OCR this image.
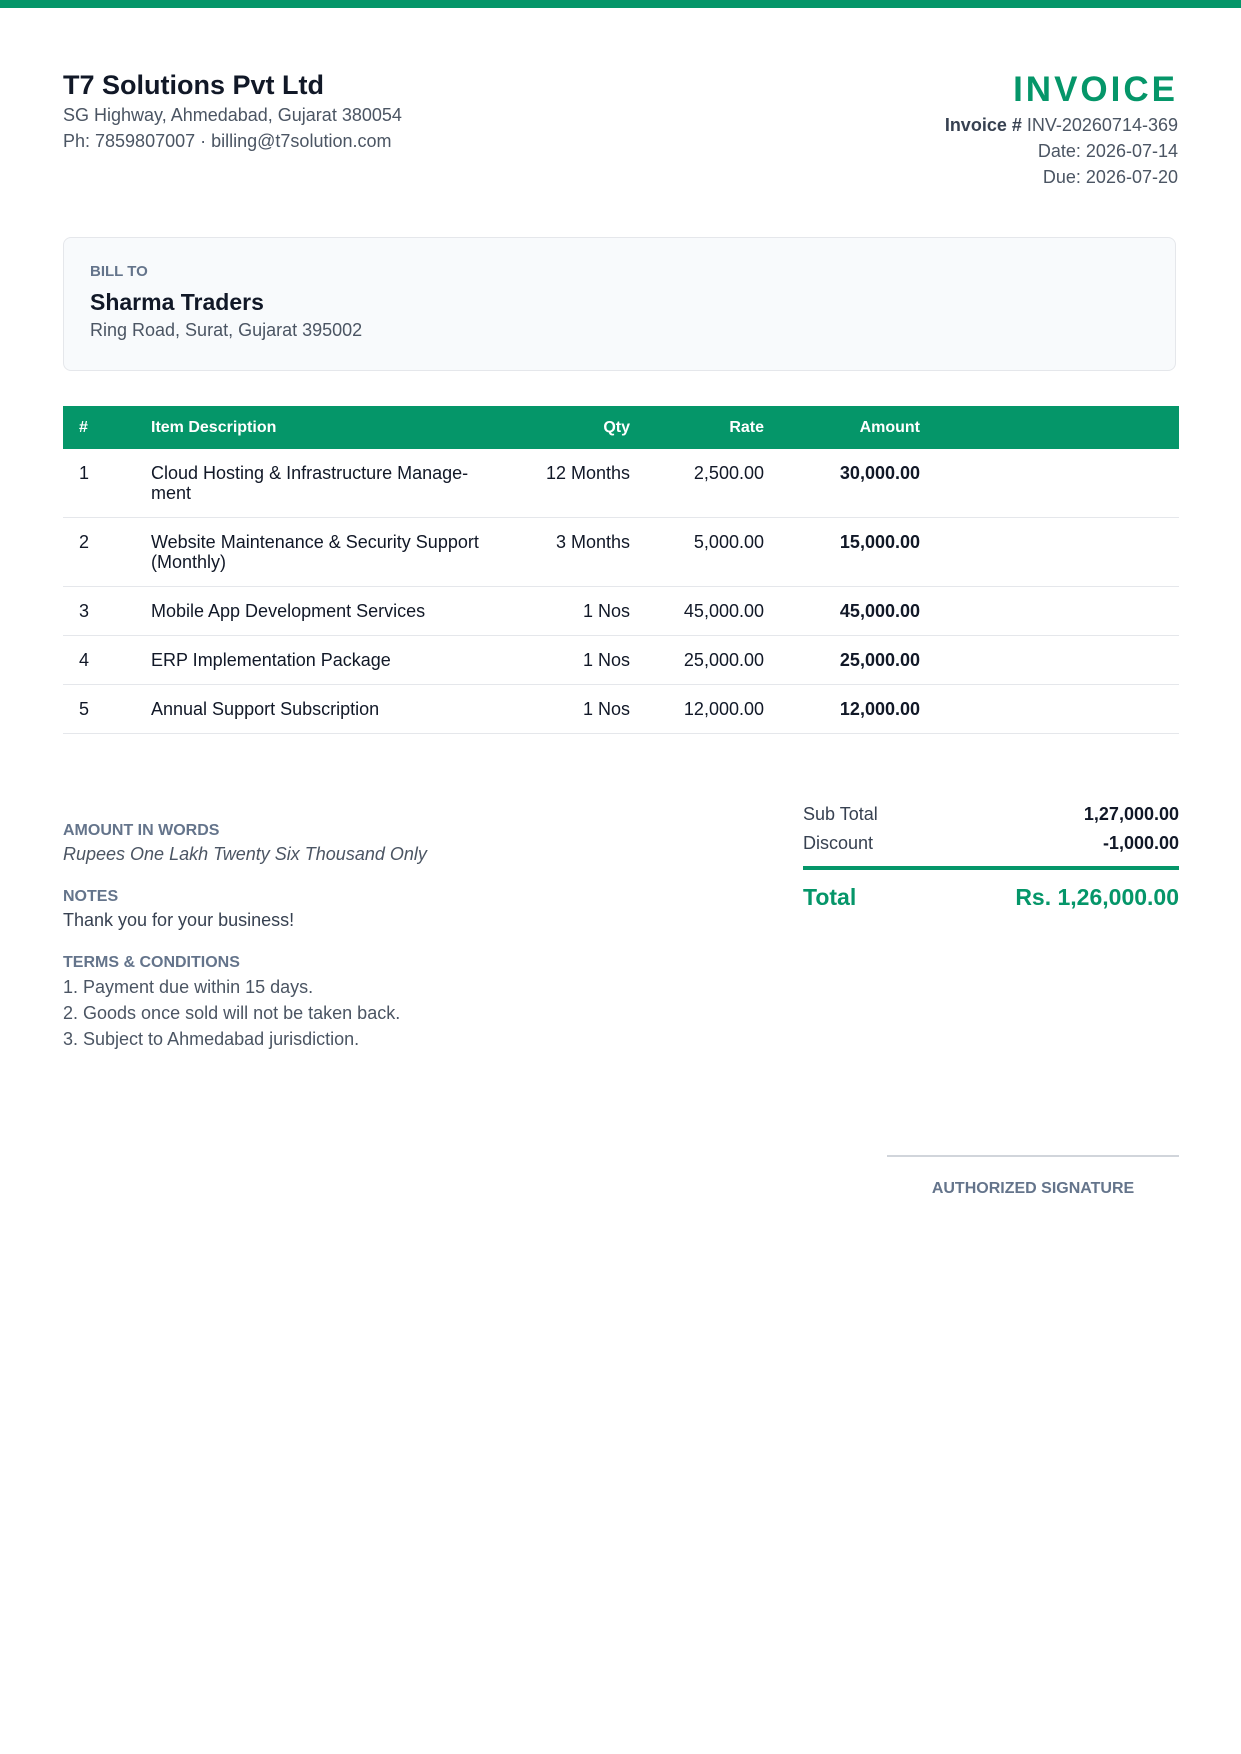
T7 Solutions Pvt Ltd
SG Highway, Ahmedabad, Gujarat 380054
Ph: 7859807007 · billing@t7solution.com
INVOICE
Invoice # INV-20260714-369
Date: 2026-07-14
Due: 2026-07-20
BILL TO
Sharma Traders
Ring Road, Surat, Gujarat 395002
#	Item Description	Qty	Rate	Amount	
1	Cloud Hosting & Infrastructure Manage-ment	12 Months	2,500.00	30,000.00	
2	Website Maintenance & Security Support (Monthly)	3 Months	5,000.00	15,000.00	
3	Mobile App Development Services	1 Nos	45,000.00	45,000.00	
4	ERP Implementation Package	1 Nos	25,000.00	25,000.00	
5	Annual Support Subscription	1 Nos	12,000.00	12,000.00	
AMOUNT IN WORDS
Rupees One Lakh Twenty Six Thousand Only
NOTES
Thank you for your business!
TERMS & CONDITIONS
1. Payment due within 15 days.
2. Goods once sold will not be taken back.
3. Subject to Ahmedabad jurisdiction.
Sub Total	1,27,000.00
Discount	-1,000.00
Total	Rs. 1,26,000.00
AUTHORIZED SIGNATURE
